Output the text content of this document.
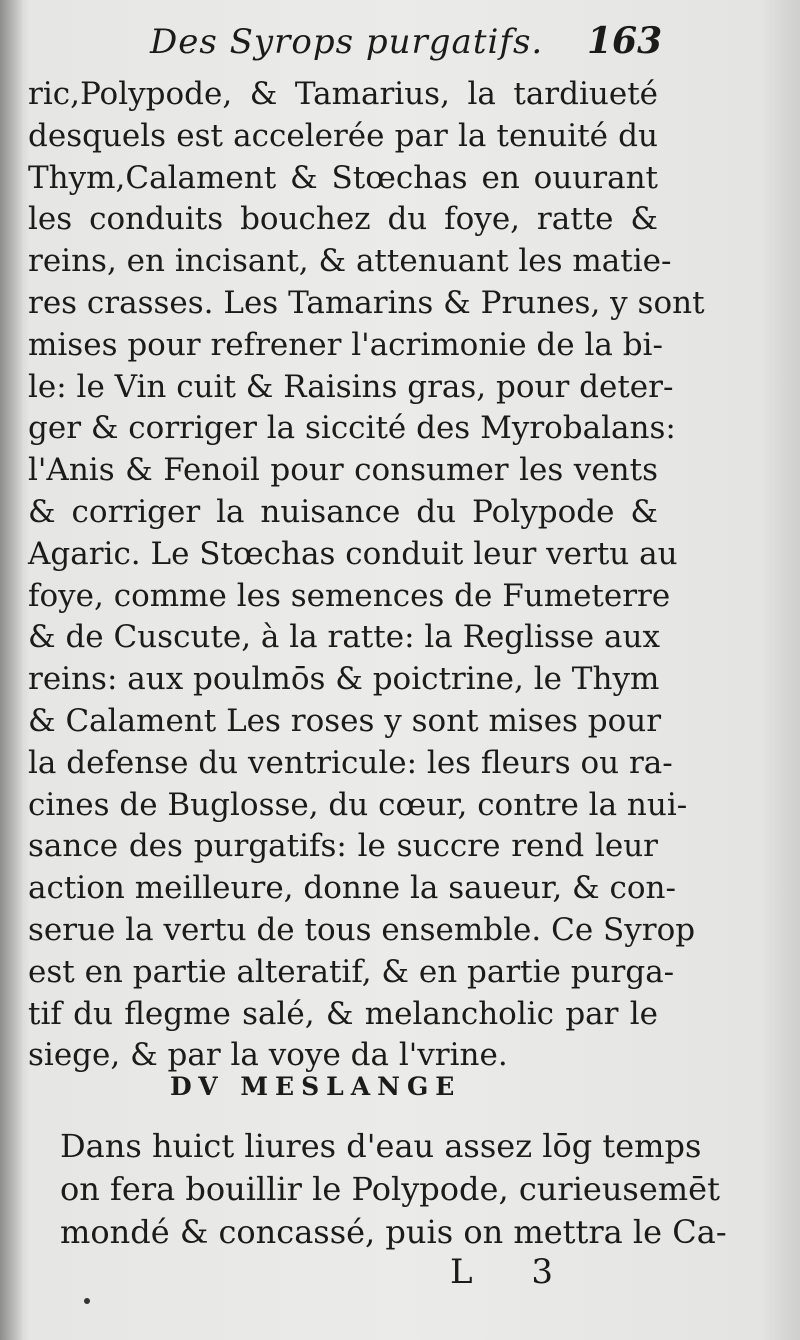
Des Syrops purgatifs. 163
ric,Polypode, & Tamarius, la tardiueté
desquels est accelerée par la tenuité du
Thym,Calament & Stœchas en ouurant
les conduits bouchez du foye, ratte &
reins, en incisant, & attenuant les matie-
res crasses. Les Tamarins & Prunes, y sont
mises pour refrener l'acrimonie de la bi-
le: le Vin cuit & Raisins gras, pour deter-
ger & corriger la siccité des Myrobalans:
l'Anis & Fenoil pour consumer les vents
& corriger la nuisance du Polypode &
Agaric. Le Stœchas conduit leur vertu au
foye, comme les semences de Fumeterre
& de Cuscute, à la ratte: la Reglisse aux
reins: aux poulmōs & poictrine, le Thym
& Calament Les roses y sont mises pour
la defense du ventricule: les fleurs ou ra-
cines de Buglosse, du cœur, contre la nui-
sance des purgatifs: le succre rend leur
action meilleure, donne la saueur, & con-
serue la vertu de tous ensemble. Ce Syrop
est en partie alteratif, & en partie purga-
tif du flegme salé, & melancholic par le
siege, & par la voye da l'vrine.
DV MESLANGE
Dans huict liures d'eau assez lōg temps
on fera bouillir le Polypode, curieusemēt
mondé & concassé, puis on mettra le Ca-
L 3
